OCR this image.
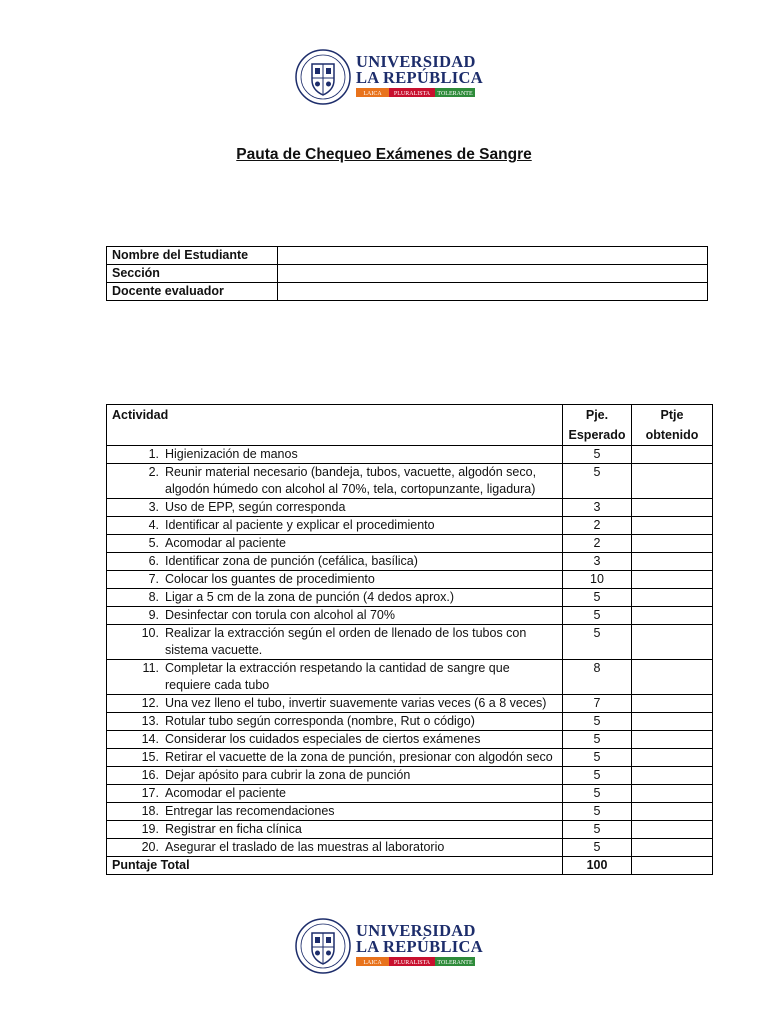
UNIVERSIDAD
LA REPÚBLICA
LAICA PLURALISTA TOLERANTE
Pauta de Chequeo Exámenes de Sangre
Nombre del Estudiante	
Sección	
Docente evaluador	
Actividad	Pje. Esperado	Ptje obtenido

1. Higienización de manos	5	

2. Reunir material necesario (bandeja, tubos, vacuette, algodón seco, algodón húmedo con alcohol al 70%, tela, cortopunzante, ligadura)	5	

3. Uso de EPP, según corresponda	3	

4. Identificar al paciente y explicar el procedimiento	2	

5. Acomodar al paciente	2	

6. Identificar zona de punción (cefálica, basílica)	3	

7. Colocar los guantes de procedimiento	10	

8. Ligar a 5 cm de la zona de punción (4 dedos aprox.)	5	

9. Desinfectar con torula con alcohol al 70%	5	

10. Realizar la extracción según el orden de llenado de los tubos con sistema vacuette.	5	

11. Completar la extracción respetando la cantidad de sangre que requiere cada tubo	8	

12. Una vez lleno el tubo, invertir suavemente varias veces (6 a 8 veces)	7	

13. Rotular tubo según corresponda (nombre, Rut o código)	5	

14. Considerar los cuidados especiales de ciertos exámenes	5	

15. Retirar el vacuette de la zona de punción, presionar con algodón seco	5	

16. Dejar apósito para cubrir la zona de punción	5	

17. Acomodar el paciente	5	

18. Entregar las recomendaciones	5	

19. Registrar en ficha clínica	5	

20. Asegurar el traslado de las muestras al laboratorio	5	
Puntaje Total	100	
UNIVERSIDAD
LA REPÚBLICA
LAICA PLURALISTA TOLERANTE
